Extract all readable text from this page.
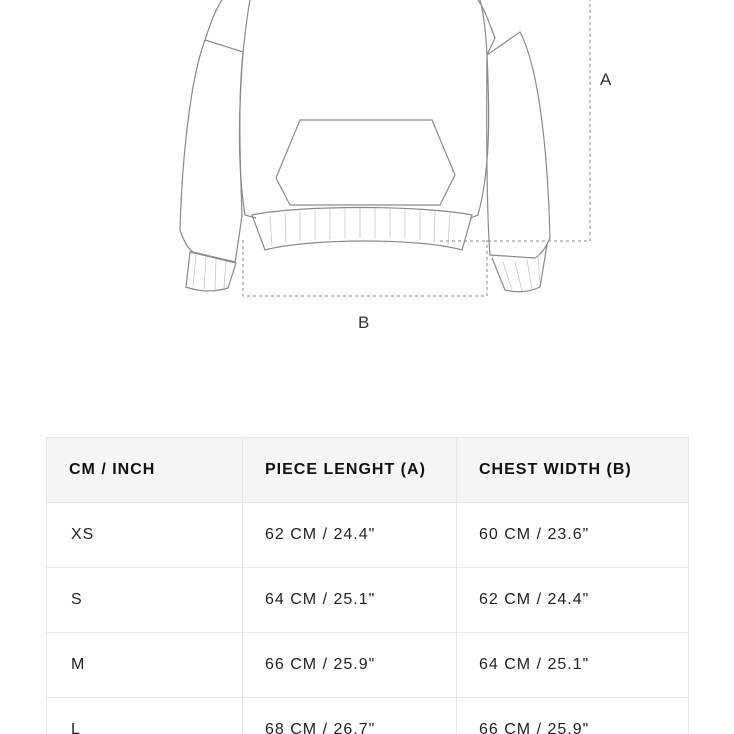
A
B
CM / INCH	PIECE LENGHT (A)	CHEST WIDTH (B)
XS	62 CM / 24.4"	60 CM / 23.6"
S	64 CM / 25.1"	62 CM / 24.4"
M	66 CM / 25.9"	64 CM / 25.1"
L	68 CM / 26.7"	66 CM / 25.9"
